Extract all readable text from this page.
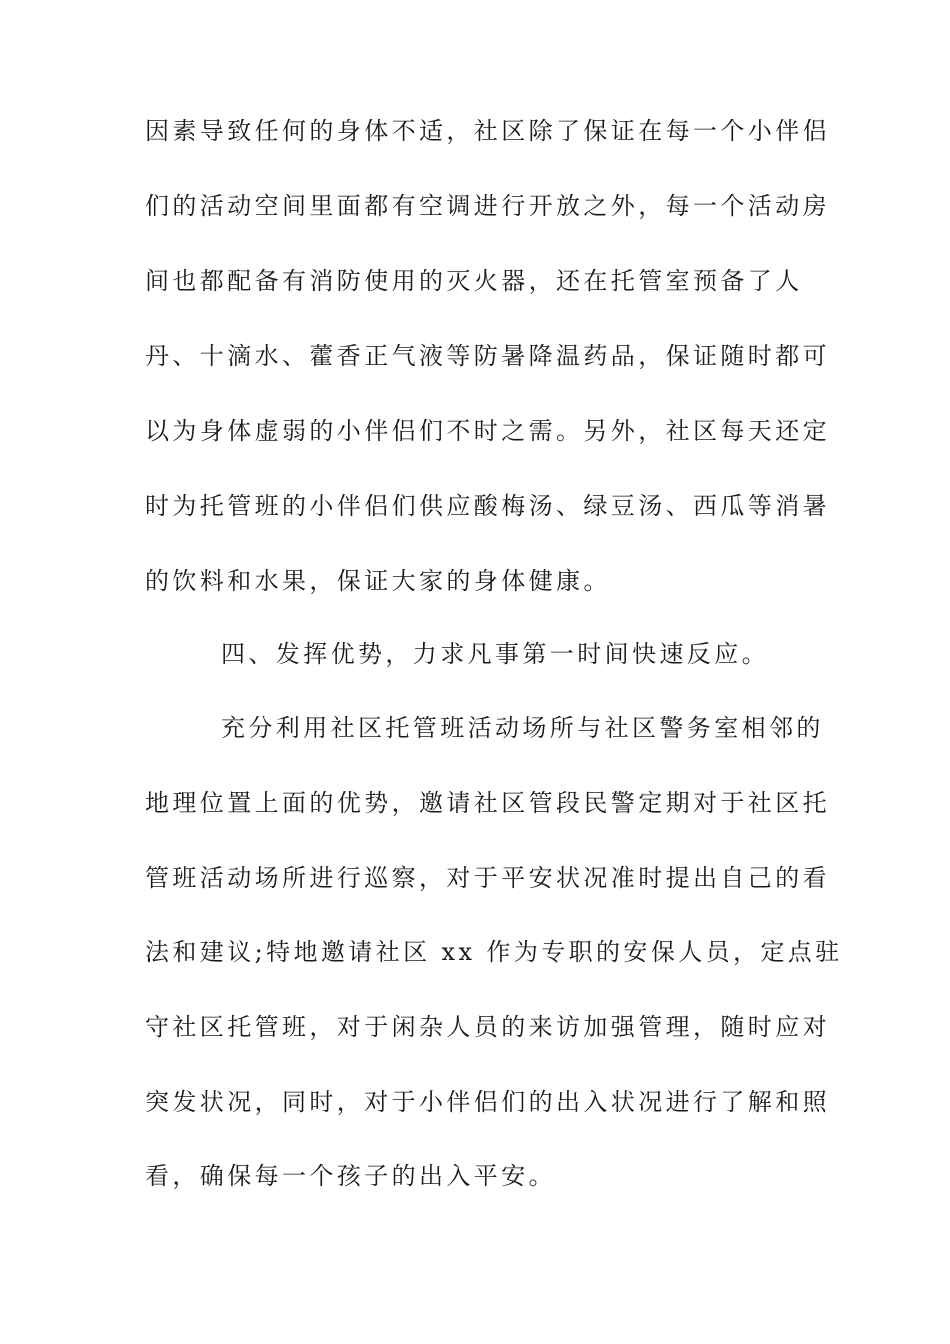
因素导致任何的身体不适，社区除了保证在每一个小伴侣
们的活动空间里面都有空调进行开放之外，每一个活动房
间也都配备有消防使用的灭火器，还在托管室预备了人
丹、十滴水、藿香正气液等防暑降温药品，保证随时都可
以为身体虚弱的小伴侣们不时之需。另外，社区每天还定
时为托管班的小伴侣们供应酸梅汤、绿豆汤、西瓜等消暑
的饮料和水果，保证大家的身体健康。
四、发挥优势，力求凡事第一时间快速反应。
充分利用社区托管班活动场所与社区警务室相邻的
地理位置上面的优势，邀请社区管段民警定期对于社区托
管班活动场所进行巡察，对于平安状况准时提出自己的看
法和建议;特地邀请社区 xx 作为专职的安保人员，定点驻
守社区托管班，对于闲杂人员的来访加强管理，随时应对
突发状况，同时，对于小伴侣们的出入状况进行了解和照
看，确保每一个孩子的出入平安。
